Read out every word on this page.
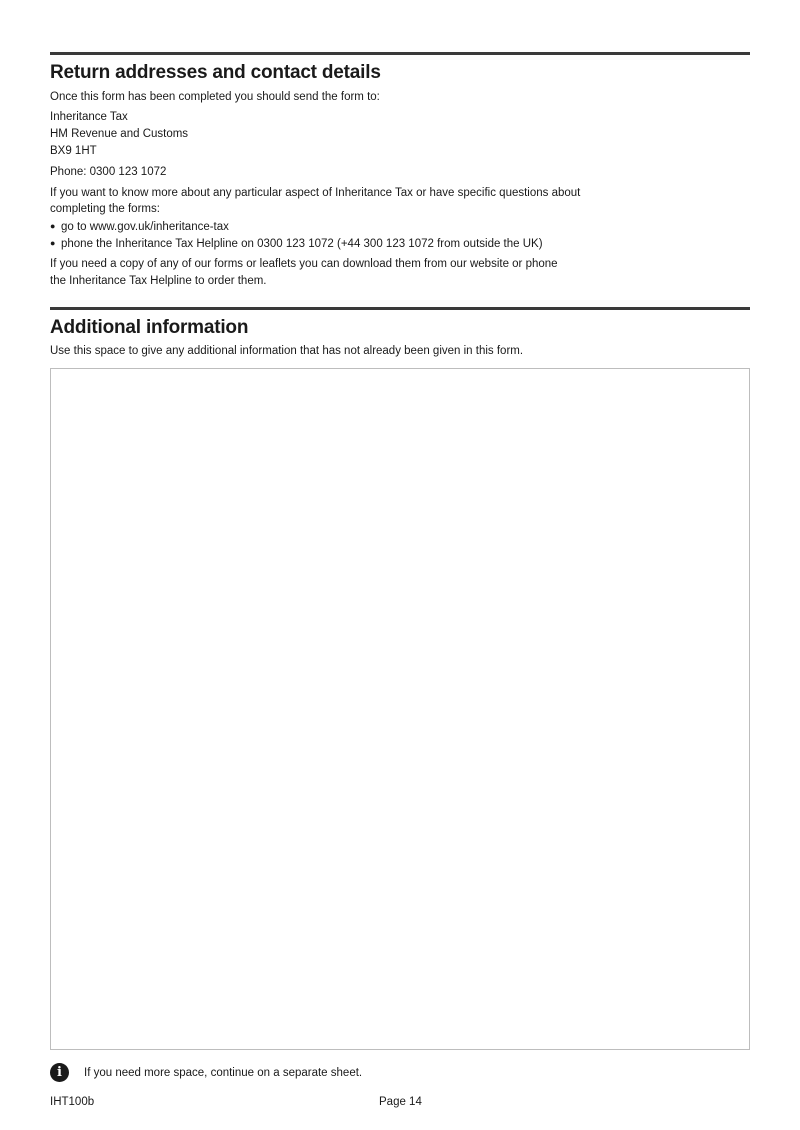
Return addresses and contact details
Once this form has been completed you should send the form to:
Inheritance Tax
HM Revenue and Customs
BX9 1HT
Phone: 0300 123 1072
If you want to know more about any particular aspect of Inheritance Tax or have specific questions about
completing the forms:
● go to www.gov.uk/inheritance-tax
● phone the Inheritance Tax Helpline on 0300 123 1072 (+44 300 123 1072 from outside the UK)
If you need a copy of any of our forms or leaflets you can download them from our website or phone
the Inheritance Tax Helpline to order them.
Additional information
Use this space to give any additional information that has not already been given in this form.
i	If you need more space, continue on a separate sheet.
IHT100b	Page 14
